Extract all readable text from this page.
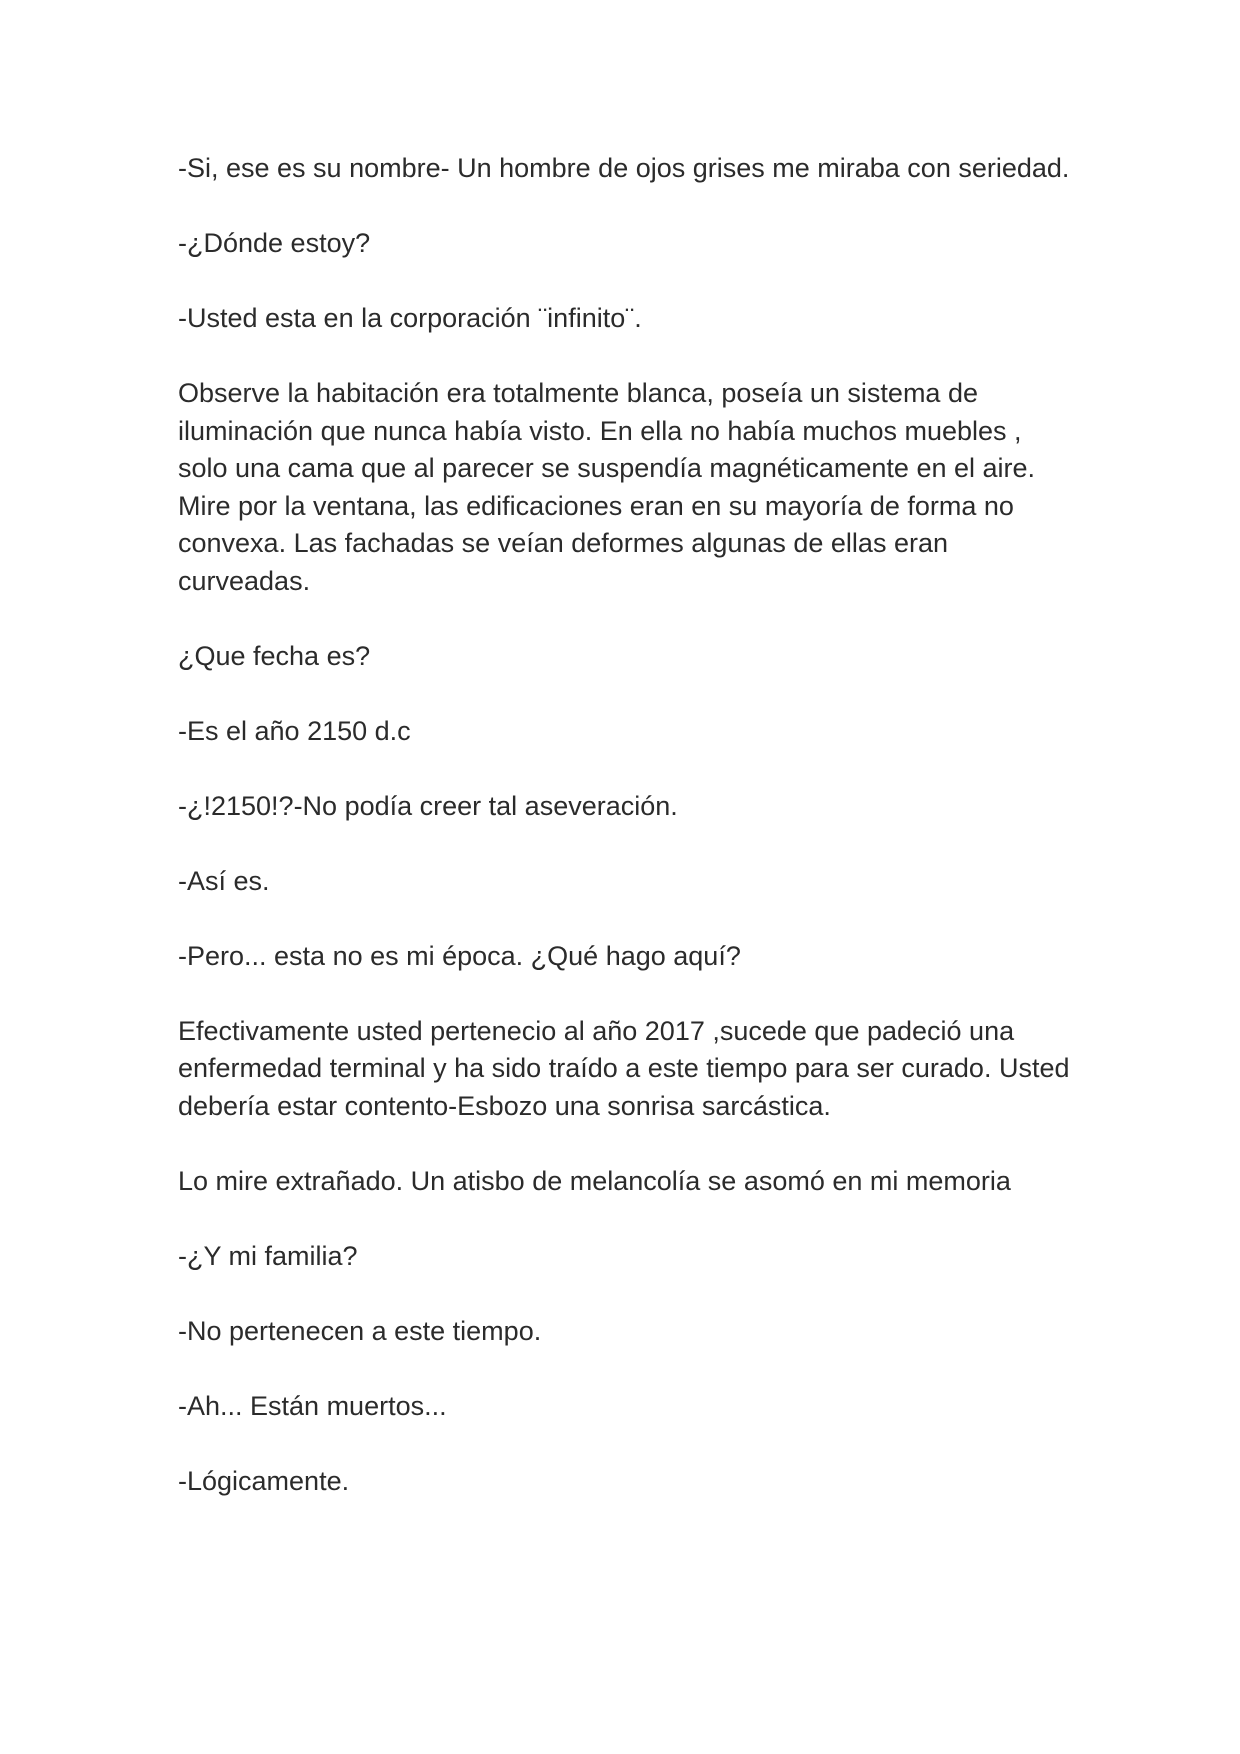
-Si, ese es su nombre- Un hombre de ojos grises me miraba con seriedad.

-¿Dónde estoy?

-Usted esta en la corporación ¨infinito¨.

Observe la habitación era totalmente blanca, poseía un sistema de iluminación que nunca había visto. En ella no había muchos muebles , solo una cama que al parecer se suspendía magnéticamente en el aire. Mire por la ventana, las edificaciones eran en su mayoría de forma no convexa. Las fachadas se veían deformes algunas de ellas eran curveadas.

¿Que fecha es?

-Es el año 2150 d.c

-¿!2150!?-No podía creer tal aseveración.

-Así es.

-Pero... esta no es mi época. ¿Qué hago aquí?

Efectivamente usted pertenecio al año 2017 ,sucede que padeció una enfermedad terminal y ha sido traído a este tiempo para ser curado. Usted debería estar contento-Esbozo una sonrisa sarcástica.

Lo mire extrañado. Un atisbo de melancolía se asomó en mi memoria

-¿Y mi familia?

-No pertenecen a este tiempo.

-Ah... Están muertos...

-Lógicamente.
